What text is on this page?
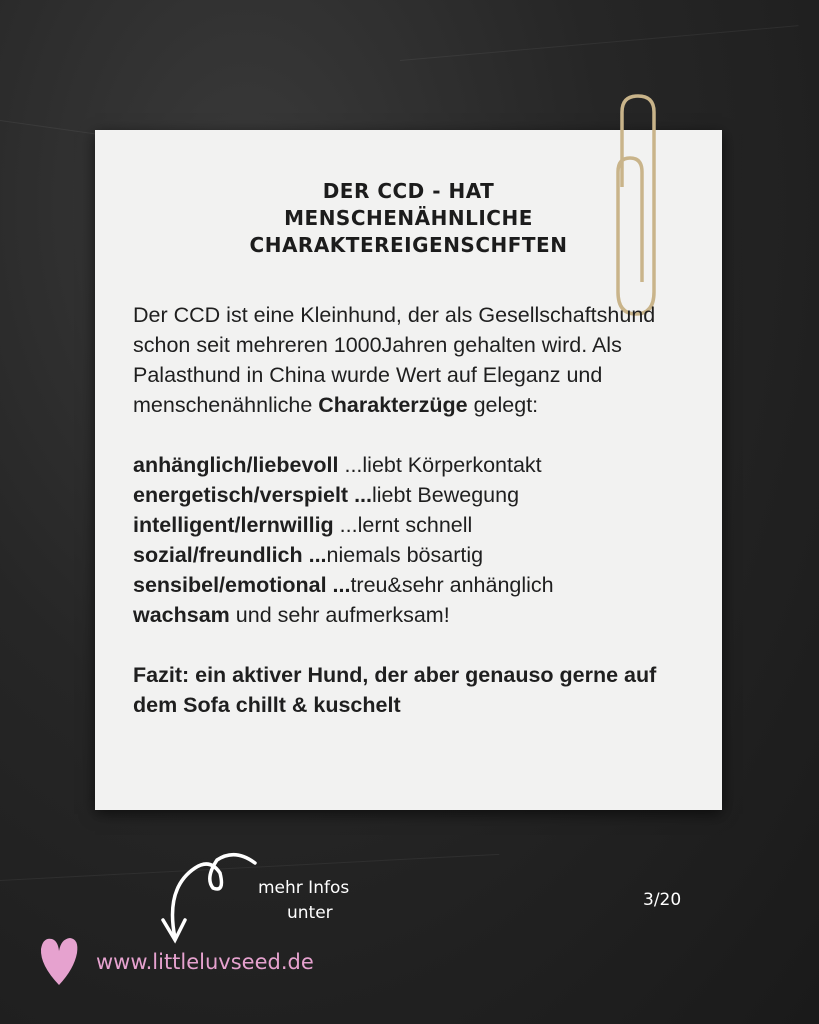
DER CCD - HAT
MENSCHENÄHNLICHE
CHARAKTEREIGENSCHFTEN

Der CCD ist eine Kleinhund, der als Gesellschaftshund schon seit mehreren 1000Jahren gehalten wird. Als Palasthund in China wurde Wert auf Eleganz und menschenähnliche Charakterzüge gelegt:

anhänglich/liebevoll ...liebt Körperkontakt
energetisch/verspielt ...liebt Bewegung
intelligent/lernwillig ...lernt schnell
sozial/freundlich ...niemals bösartig
sensibel/emotional ...treu&sehr anhänglich
wachsam und sehr aufmerksam!

Fazit: ein aktiver Hund, der aber genauso gerne auf dem Sofa chillt & kuschelt

mehr Infos
unter
www.littleluvseed.de
3/20
